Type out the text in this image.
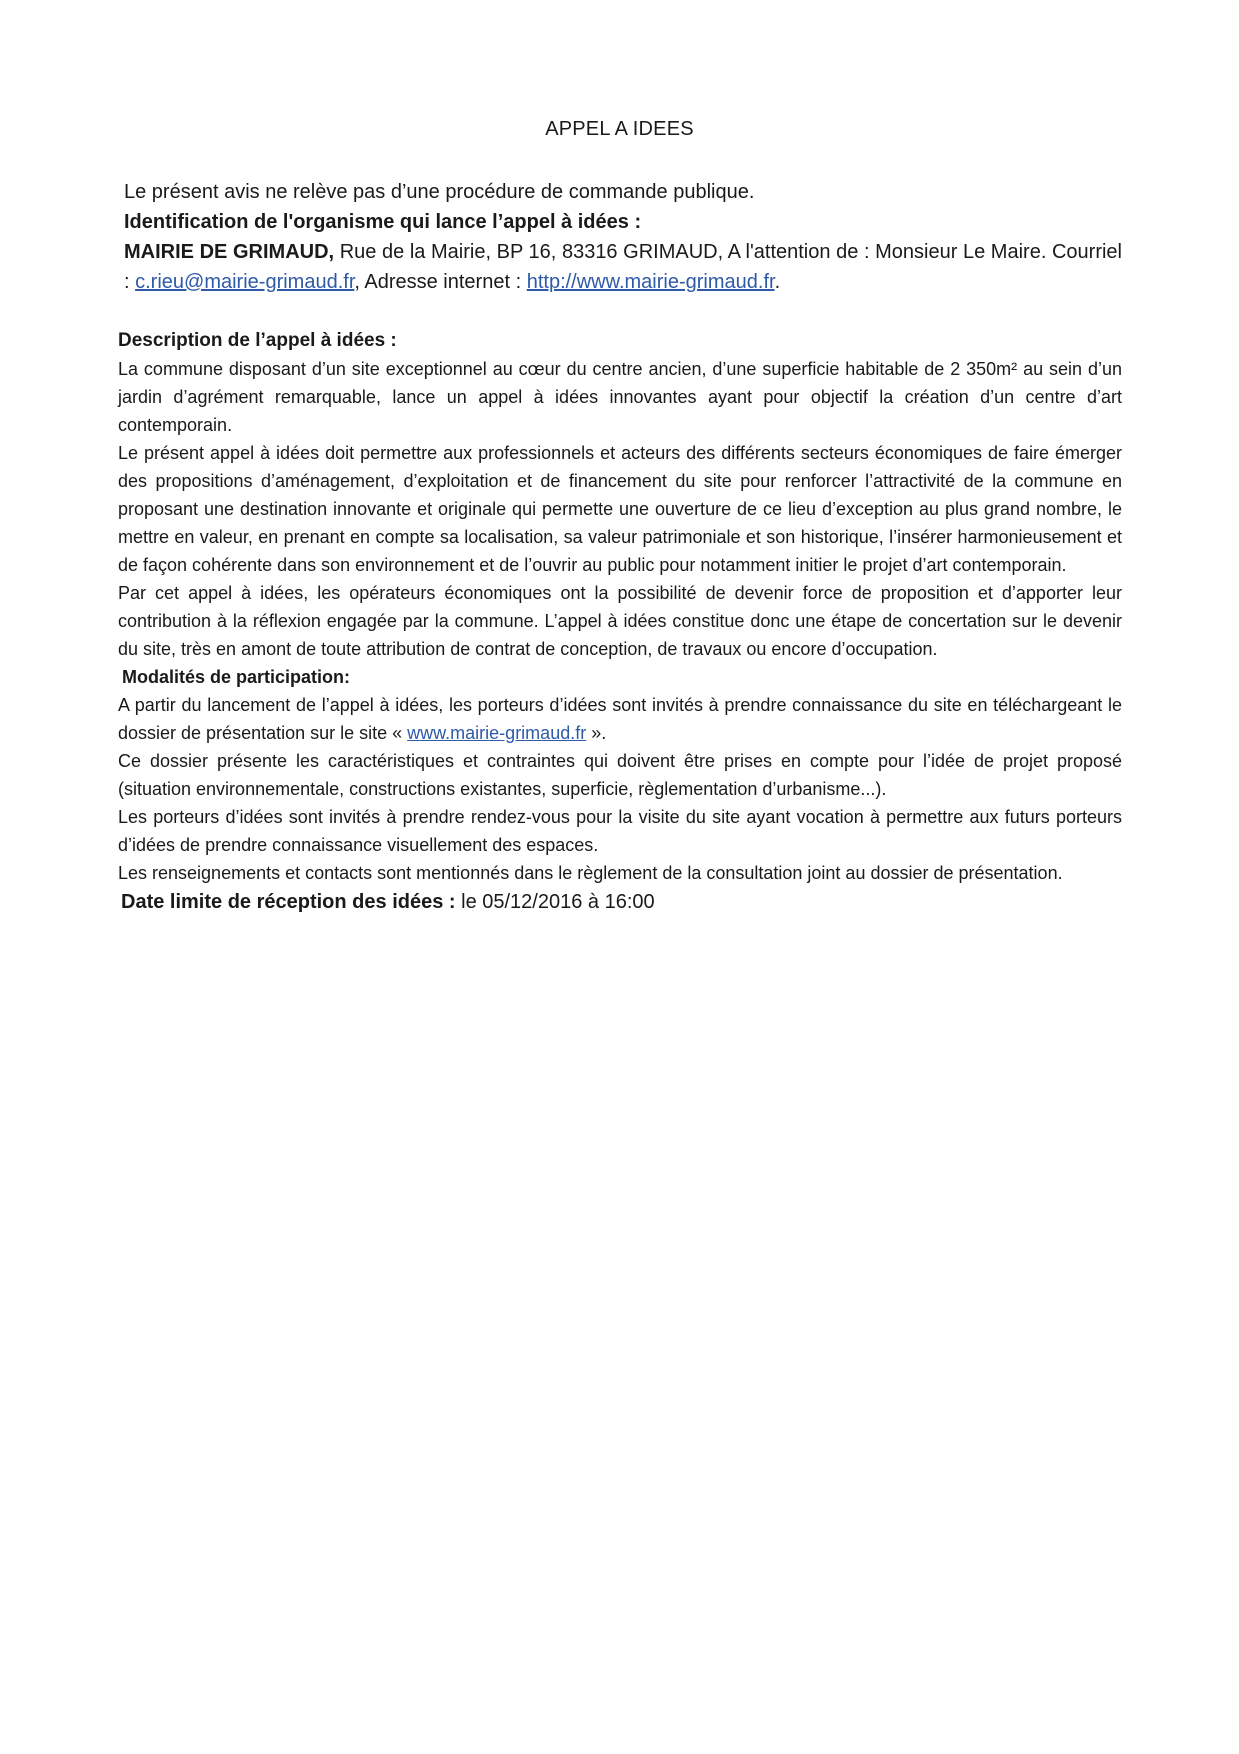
APPEL A IDEES

Le présent avis ne relève pas d’une procédure de commande publique.

Identification de l'organisme qui lance l’appel à idées :

MAIRIE DE GRIMAUD, Rue de la Mairie, BP 16, 83316 GRIMAUD, A l'attention de : Monsieur Le Maire. Courriel : c.rieu@mairie-grimaud.fr, Adresse internet : http://www.mairie-grimaud.fr.

Description de l’appel à idées :

La commune disposant d’un site exceptionnel au cœur du centre ancien, d’une superficie habitable de 2 350m² au sein d’un jardin d’agrément remarquable, lance un appel à idées innovantes ayant pour objectif la création d’un centre d’art contemporain.

Le présent appel à idées doit permettre aux professionnels et acteurs des différents secteurs économiques de faire émerger des propositions d’aménagement, d’exploitation et de financement du site pour renforcer l’attractivité de la commune en proposant une destination innovante et originale qui permette une ouverture de ce lieu d’exception au plus grand nombre, le mettre en valeur, en prenant en compte sa localisation, sa valeur patrimoniale et son historique, l’insérer harmonieusement et de façon cohérente dans son environnement et de l’ouvrir au public pour notamment initier le projet d’art contemporain.

Par cet appel à idées, les opérateurs économiques ont la possibilité de devenir force de proposition et d’apporter leur contribution à la réflexion engagée par la commune. L’appel à idées constitue donc une étape de concertation sur le devenir du site, très en amont de toute attribution de contrat de conception, de travaux ou encore d’occupation.

Modalités de participation:

A partir du lancement de l’appel à idées, les porteurs d’idées sont invités à prendre connaissance du site en téléchargeant le dossier de présentation sur le site « www.mairie-grimaud.fr ».

Ce dossier présente les caractéristiques et contraintes qui doivent être prises en compte pour l’idée de projet proposé (situation environnementale, constructions existantes, superficie, règlementation d’urbanisme...).

Les porteurs d’idées sont invités à prendre rendez-vous pour la visite du site ayant vocation à permettre aux futurs porteurs d’idées de prendre connaissance visuellement des espaces.

Les renseignements et contacts sont mentionnés dans le règlement de la consultation joint au dossier de présentation.

Date limite de réception des idées : le 05/12/2016 à 16:00
